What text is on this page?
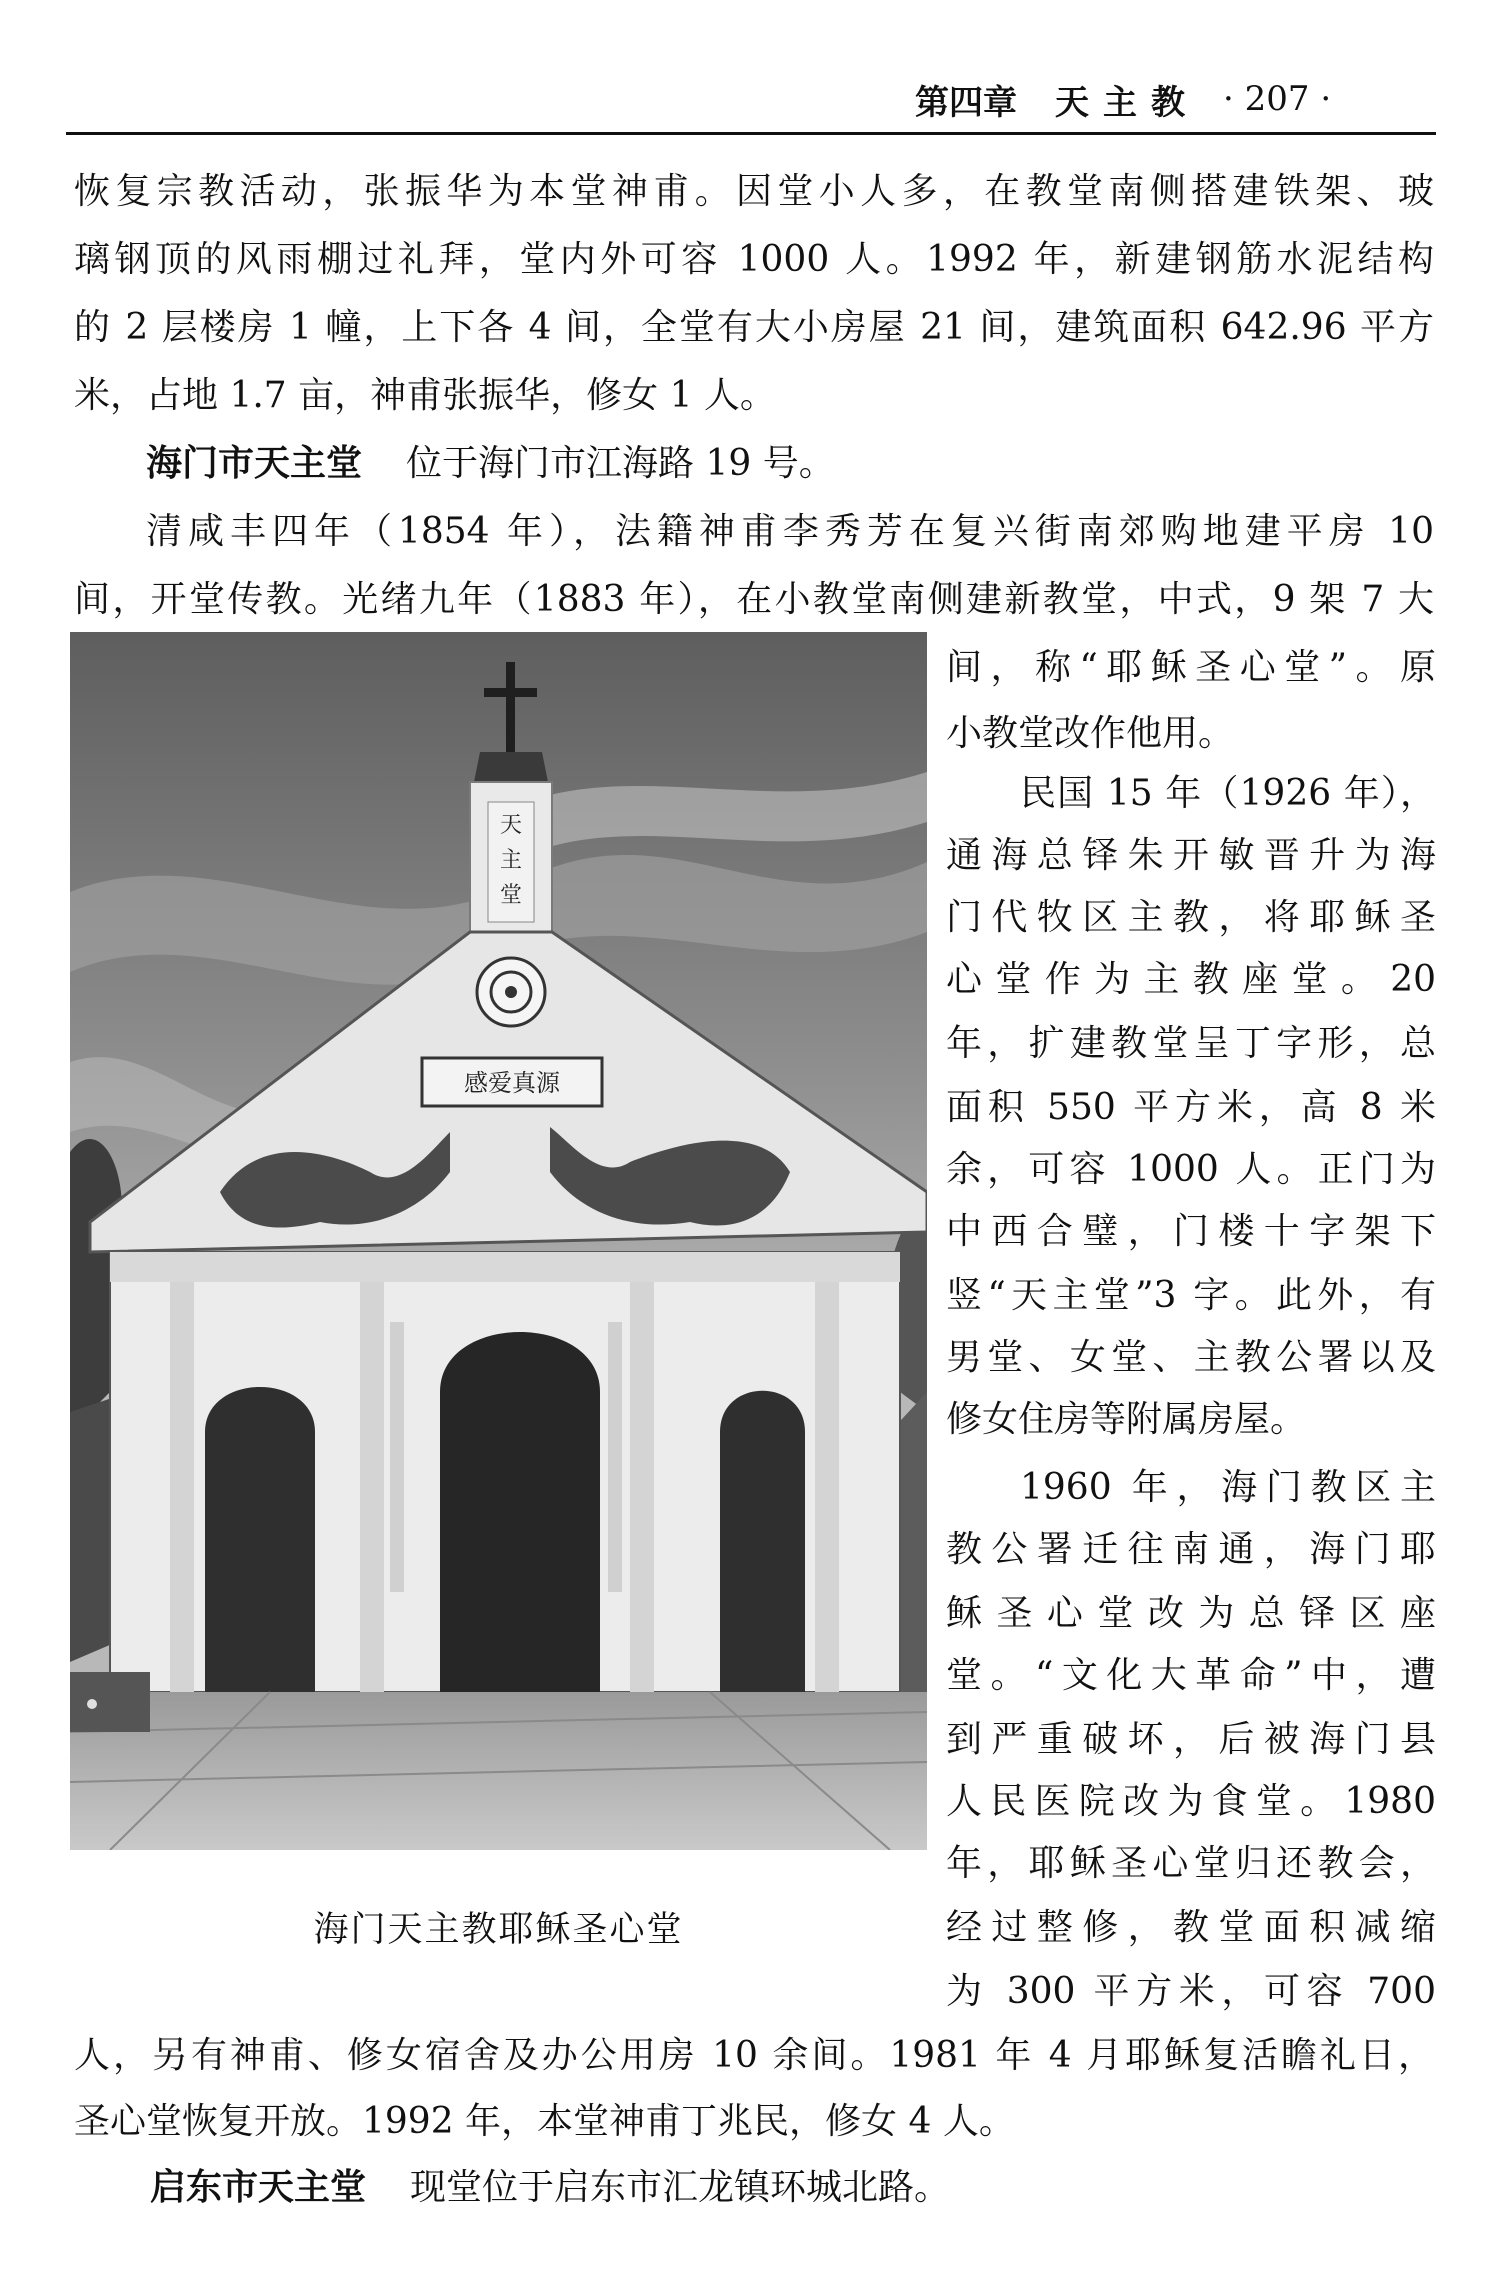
第四章 天主教 · 207 ·
恢复宗教活动，张振华为本堂神甫。因堂小人多，在教堂南侧搭建铁架、玻
璃钢顶的风雨棚过礼拜，堂内外可容 1000 人。1992 年，新建钢筋水泥结构
的 2 层楼房 1 幢，上下各 4 间，全堂有大小房屋 21 间，建筑面积 642.96 平方
米，占地 1.7 亩，神甫张振华，修女 1 人。
海门市天主堂 位于海门市江海路 19 号。
清咸丰四年（1854 年），法籍神甫李秀芳在复兴街南郊购地建平房 10
间，开堂传教。光绪九年（1883 年），在小教堂南侧建新教堂，中式，9 架 7 大
天
主
堂
感爱真源
海门天主教耶稣圣心堂
间，称“耶稣圣心堂”。原
小教堂改作他用。
民国 15 年（1926 年），
通海总铎朱开敏晋升为海
门代牧区主教，将耶稣圣
心堂作为主教座堂。20
年，扩建教堂呈丁字形，总
面积 550 平方米，高 8 米
余，可容 1000 人。正门为
中西合璧，门楼十字架下
竖“天主堂”3 字。此外，有
男堂、女堂、主教公署以及
修女住房等附属房屋。
1960 年，海门教区主
教公署迁往南通，海门耶
稣圣心堂改为总铎区座
堂。“文化大革命”中，遭
到严重破坏，后被海门县
人民医院改为食堂。1980
年，耶稣圣心堂归还教会，
经过整修，教堂面积减缩
为 300 平方米，可容 700
人，另有神甫、修女宿舍及办公用房 10 余间。1981 年 4 月耶稣复活瞻礼日，
圣心堂恢复开放。1992 年，本堂神甫丁兆民，修女 4 人。
启东市天主堂 现堂位于启东市汇龙镇环城北路。
